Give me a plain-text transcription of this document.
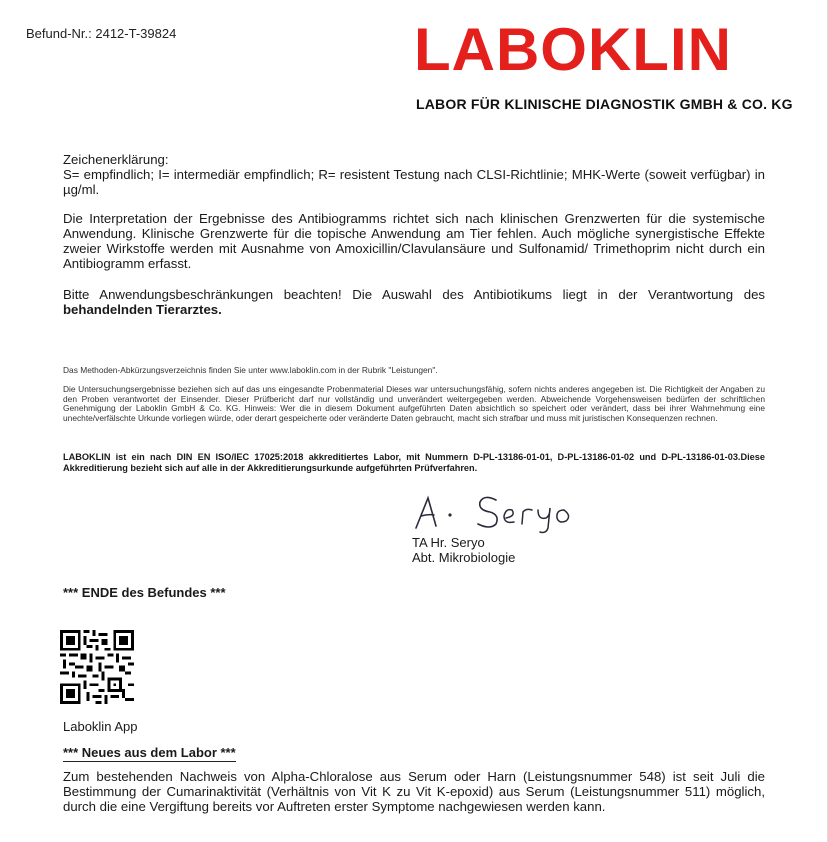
Befund-Nr.: 2412-T-39824	LABOKLIN
LABOR FÜR KLINISCHE DIAGNOSTIK GMBH & CO. KG
Zeichenerklärung:
S= empfindlich; I= intermediär empfindlich; R= resistent Testung nach CLSI-Richtlinie; MHK-Werte (soweit verfügbar) in µg/ml.
Die Interpretation der Ergebnisse des Antibiogramms richtet sich nach klinischen Grenzwerten für die systemische Anwendung. Klinische Grenzwerte für die topische Anwendung am Tier fehlen. Auch mögliche synergistische Effekte zweier Wirkstoffe werden mit Ausnahme von Amoxicillin/Clavulansäure und Sulfonamid/ Trimethoprim nicht durch ein Antibiogramm erfasst.
Bitte Anwendungsbeschränkungen beachten! Die Auswahl des Antibiotikums liegt in der Verantwortung des behandelnden Tierarztes.
Das Methoden-Abkürzungsverzeichnis finden Sie unter www.laboklin.com in der Rubrik "Leistungen".
Die Untersuchungsergebnisse beziehen sich auf das uns eingesandte Probenmaterial Dieses war untersuchungsfähig, sofern nichts anderes angegeben ist. Die Richtigkeit der Angaben zu den Proben verantwortet der Einsender. Dieser Prüfbericht darf nur vollständig und unverändert weitergegeben werden. Abweichende Vorgehensweisen bedürfen der schriftlichen Genehmigung der Laboklin GmbH & Co. KG. Hinweis: Wer die in diesem Dokument aufgeführten Daten absichtlich so speichert oder verändert, dass bei ihrer Wahrnehmung eine unechte/verfälschte Urkunde vorliegen würde, oder derart gespeicherte oder veränderte Daten gebraucht, macht sich strafbar und muss mit juristischen Konsequenzen rechnen.
LABOKLIN ist ein nach DIN EN ISO/IEC 17025:2018 akkreditiertes Labor, mit Nummern D-PL-13186-01-01, D-PL-13186-01-02 und D-PL-13186-01-03.Diese Akkreditierung bezieht sich auf alle in der Akkreditierungsurkunde aufgeführten Prüfverfahren.
TA Hr. Seryo
Abt. Mikrobiologie
*** ENDE des Befundes ***
Laboklin App
*** Neues aus dem Labor ***
Zum bestehenden Nachweis von Alpha-Chloralose aus Serum oder Harn (Leistungsnummer 548) ist seit Juli die Bestimmung der Cumarinaktivität (Verhältnis von Vit K zu Vit K-epoxid) aus Serum (Leistungsnummer 511) möglich, durch die eine Vergiftung bereits vor Auftreten erster Symptome nachgewiesen werden kann.
